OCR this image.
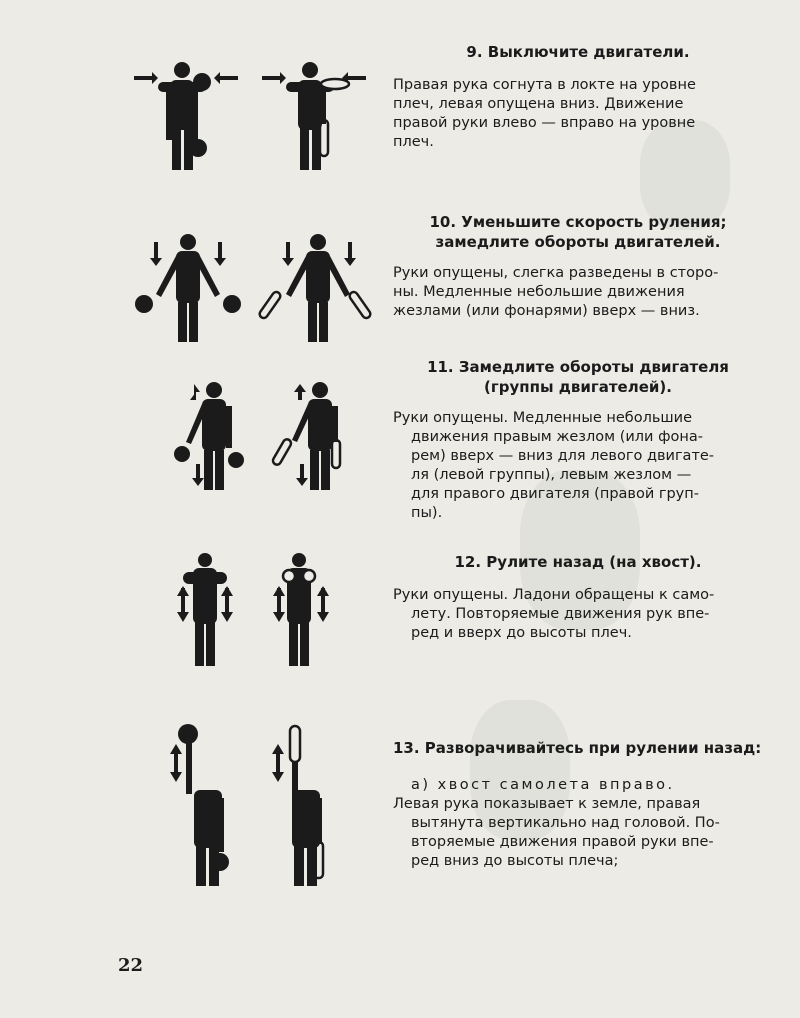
9. Выключите двигатели.

Правая рука согнута в локте на уровне
плеч, левая опущена вниз. Движение
правой руки влево — вправо на уровне
плеч.

10. Уменьшите скорость руления;
замедлите обороты двигателей.

Руки опущены, слегка разведены в сторо-
ны. Медленные небольшие движения
жезлами (или фонарями) вверх — вниз.

11. Замедлите обороты двигателя
(группы двигателей).

Руки опущены. Медленные небольшие
движения правым жезлом (или фона-
рем) вверх — вниз для левого двигате-
ля (левой группы), левым жезлом —
для правого двигателя (правой груп-
пы).

12. Рулите назад (на хвост).

Руки опущены. Ладони обращены к само-
лету. Повторяемые движения рук впе-
ред и вверх до высоты плеч.

13. Разворачивайтесь при рулении назад:

а) хвост самолета вправо.
Левая рука показывает к земле, правая
вытянута вертикально над головой. По-
вторяемые движения правой руки впе-
ред вниз до высоты плеча;

22
